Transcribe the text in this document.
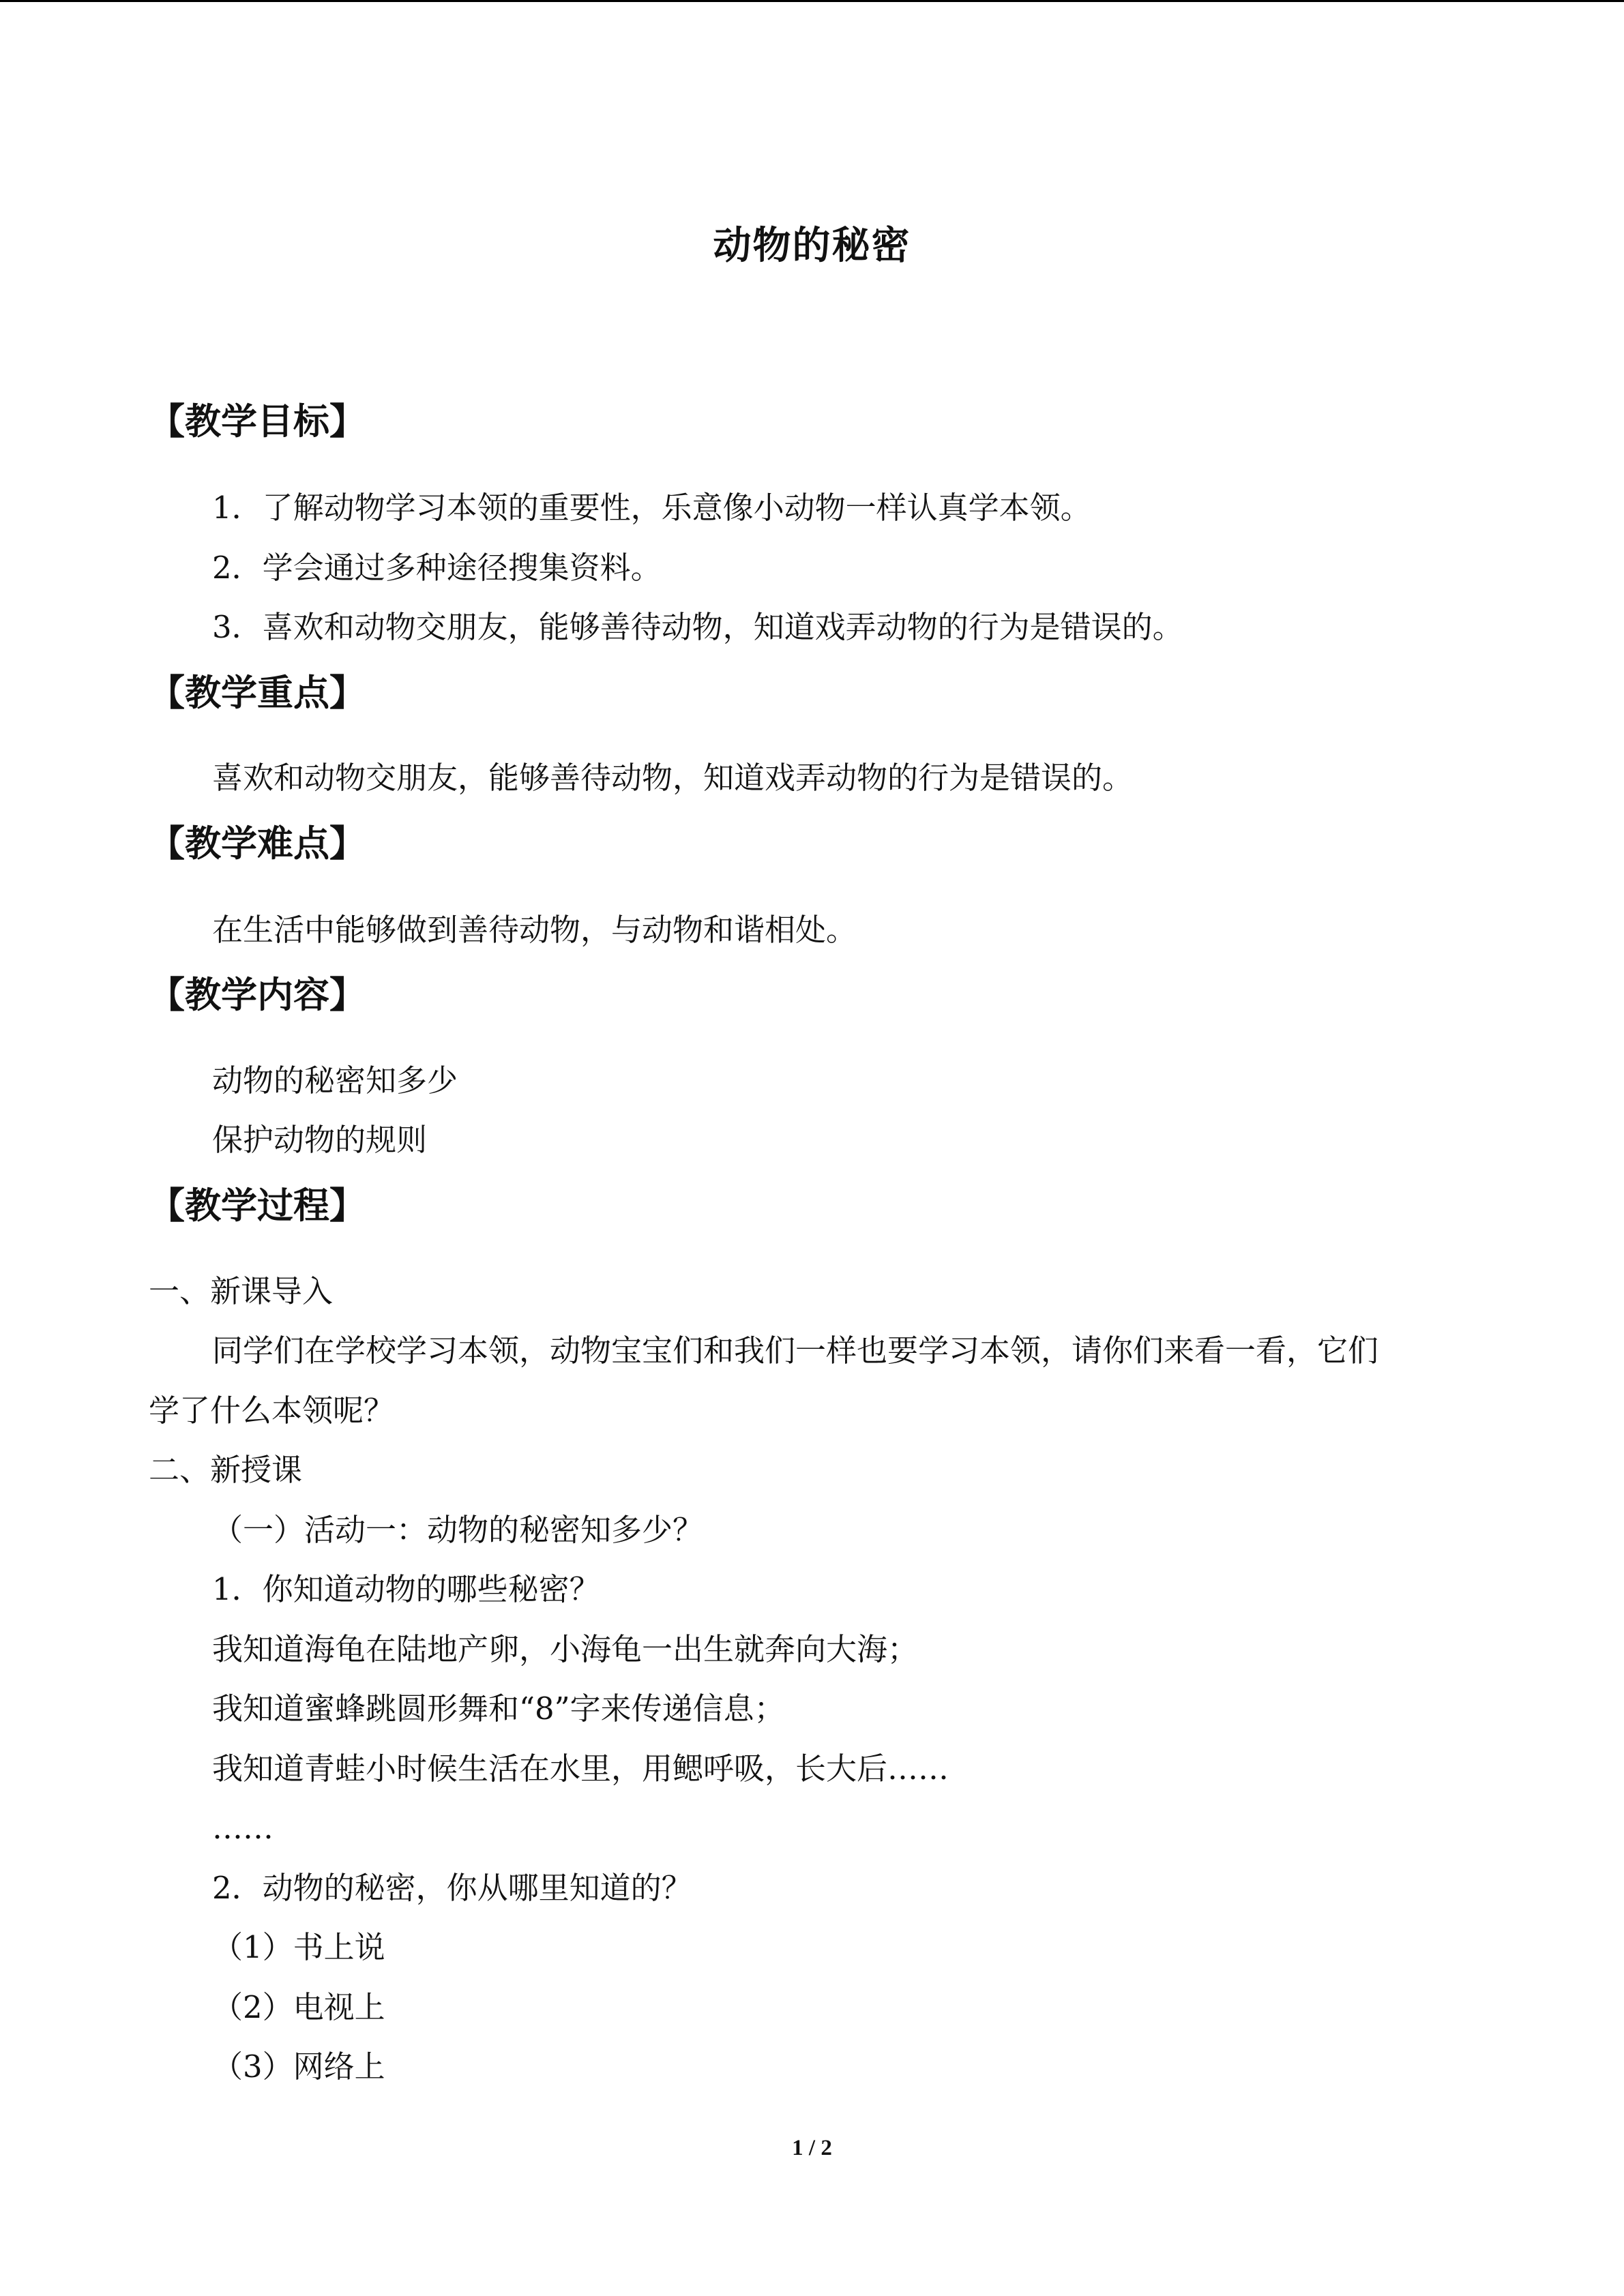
动物的秘密
【教学目标】
1．了解动物学习本领的重要性，乐意像小动物一样认真学本领。
2．学会通过多种途径搜集资料。
3．喜欢和动物交朋友，能够善待动物，知道戏弄动物的行为是错误的。
【教学重点】
喜欢和动物交朋友，能够善待动物，知道戏弄动物的行为是错误的。
【教学难点】
在生活中能够做到善待动物，与动物和谐相处。
【教学内容】
动物的秘密知多少
保护动物的规则
【教学过程】
一、新课导入
同学们在学校学习本领，动物宝宝们和我们一样也要学习本领，请你们来看一看，它们
学了什么本领呢？
二、新授课
（一）活动一：动物的秘密知多少？
1．你知道动物的哪些秘密？
我知道海龟在陆地产卵，小海龟一出生就奔向大海；
我知道蜜蜂跳圆形舞和“8”字来传递信息；
我知道青蛙小时候生活在水里，用鳃呼吸，长大后……
……
2．动物的秘密，你从哪里知道的？
（1）书上说
（2）电视上
（3）网络上
1 / 2
